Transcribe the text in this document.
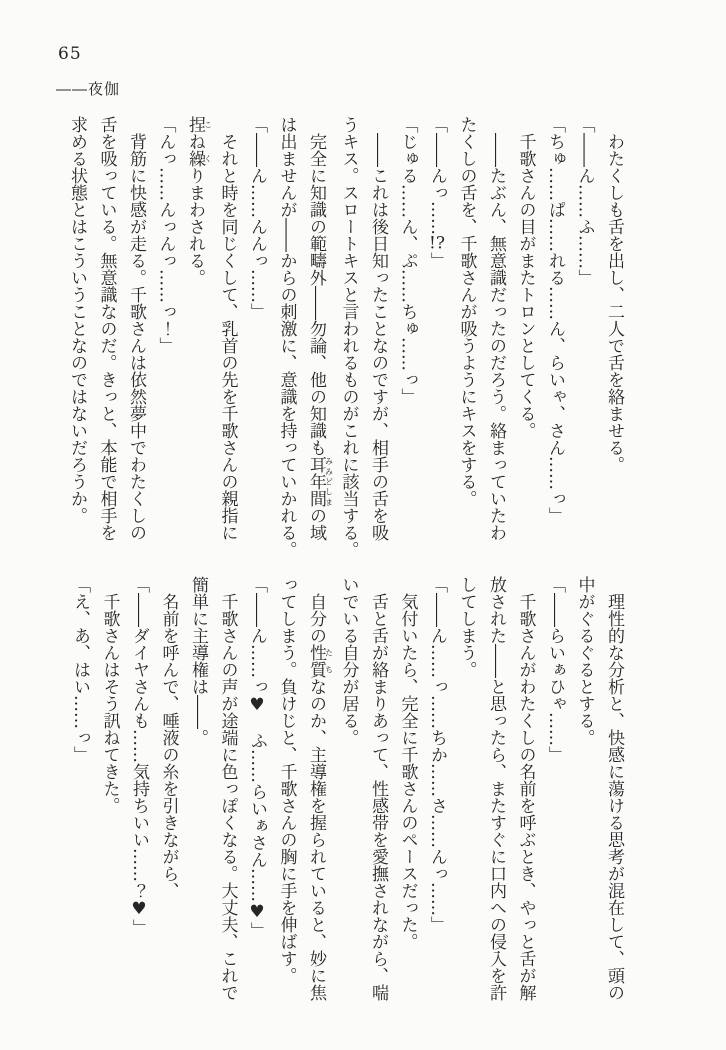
65
――夜伽

わたくしも舌を出し、二人で舌を絡ませる。

「――ん……ふ……」

「ちゅ……ぱ……れる……ん、らいゃ、さん……っ」

千歌さんの目がまたトロンとしてくる。

――たぶん、無意識だったのだろう。絡まっていたわ

たくしの舌を、千歌さんが吸うようにキスをする。

「――んっ……!?」

「じゅる……ん、ぷ……ちゅ……っ」

――これは後日知ったことなのですが、相手の舌を吸

うキス。スロートキスと言われるものがこれに該当する。

完全に知識の範疇外――勿論、他の知識も耳年間みみどしまの域

は出ませんが――からの刺激に、意識を持っていかれる。

「――ん……んんっ……」

それと時を同じくして、乳首の先を千歌さんの親指に

捏こね繰くりまわされる。

「んっ……んっんっ……っ！」

背筋に快感が走る。千歌さんは依然夢中でわたくしの

舌を吸っている。無意識なのだ。きっと、本能で相手を

求める状態とはこういうことなのではないだろうか。

理性的な分析と、快感に蕩ける思考が混在して、頭の

中がぐるぐるとする。

「――らいぁひゃ……」

千歌さんがわたくしの名前を呼ぶとき、やっと舌が解

放された――と思ったら、またすぐに口内への侵入を許

してしまう。

「――ん……っ……ちか……さ……んっ……」

気付いたら、完全に千歌さんのペースだった。

舌と舌が絡まりあって、性感帯を愛撫されながら、喘

いでいる自分が居る。

自分の性質たちなのか、主導権を握られていると、妙に焦

ってしまう。負けじと、千歌さんの胸に手を伸ばす。

「――ん……っ♥　ふ……らいぁさん……♥」

千歌さんの声が途端に色っぽくなる。大丈夫、これで

簡単に主導権は――。

名前を呼んで、唾液の糸を引きながら、

「――ダイヤさんも……気持ちいい……？♥」

千歌さんはそう訊ねてきた。

「え、あ、はい……っ」
